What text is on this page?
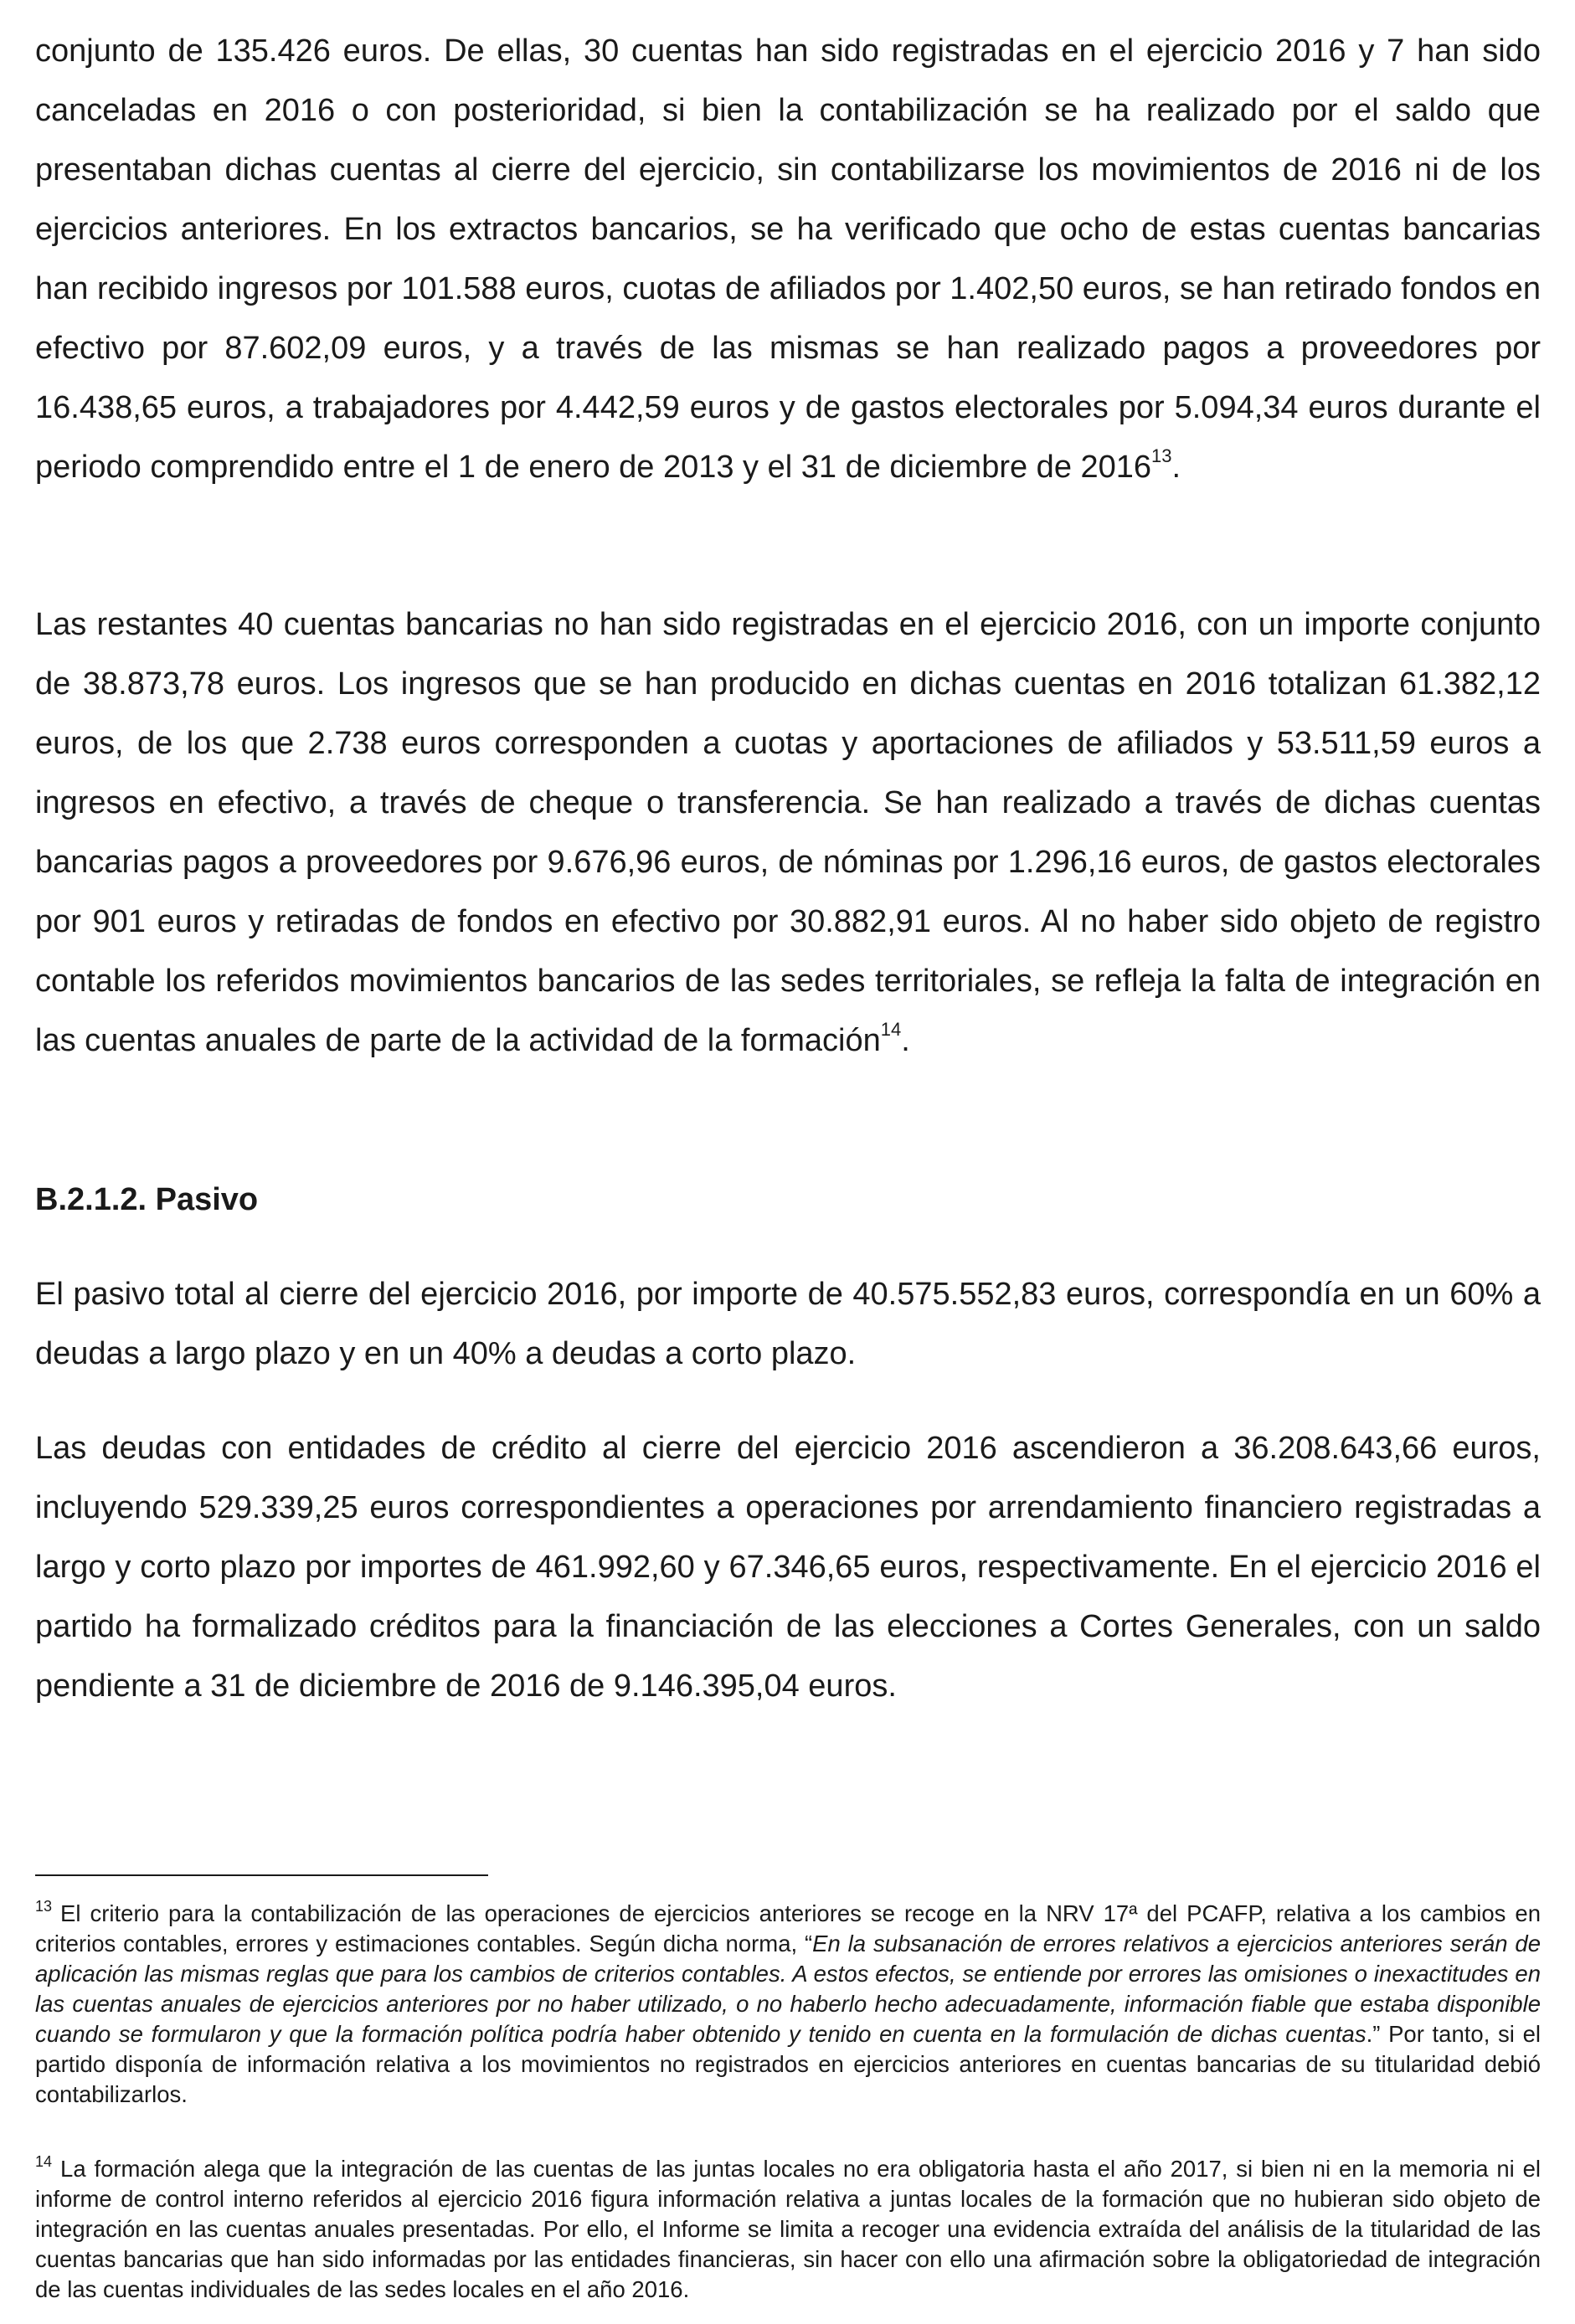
conjunto de 135.426 euros. De ellas, 30 cuentas han sido registradas en el ejercicio 2016 y 7 han sido canceladas en 2016 o con posterioridad, si bien la contabilización se ha realizado por el saldo que presentaban dichas cuentas al cierre del ejercicio, sin contabilizarse los movimientos de 2016 ni de los ejercicios anteriores. En los extractos bancarios, se ha verificado que ocho de estas cuentas bancarias han recibido ingresos por 101.588 euros, cuotas de afiliados por 1.402,50 euros, se han retirado fondos en efectivo por 87.602,09 euros, y a través de las mismas se han realizado pagos a proveedores por 16.438,65 euros, a trabajadores por 4.442,59 euros y de gastos electorales por 5.094,34 euros durante el periodo comprendido entre el 1 de enero de 2013 y el 31 de diciembre de 2016$^{13}$.

Las restantes 40 cuentas bancarias no han sido registradas en el ejercicio 2016, con un importe conjunto de 38.873,78 euros. Los ingresos que se han producido en dichas cuentas en 2016 totalizan 61.382,12 euros, de los que 2.738 euros corresponden a cuotas y aportaciones de afiliados y 53.511,59 euros a ingresos en efectivo, a través de cheque o transferencia. Se han realizado a través de dichas cuentas bancarias pagos a proveedores por 9.676,96 euros, de nóminas por 1.296,16 euros, de gastos electorales por 901 euros y retiradas de fondos en efectivo por 30.882,91 euros. Al no haber sido objeto de registro contable los referidos movimientos bancarios de las sedes territoriales, se refleja la falta de integración en las cuentas anuales de parte de la actividad de la formación$^{14}$.

B.2.1.2. Pasivo

El pasivo total al cierre del ejercicio 2016, por importe de 40.575.552,83 euros, correspondía en un 60% a deudas a largo plazo y en un 40% a deudas a corto plazo.

Las deudas con entidades de crédito al cierre del ejercicio 2016 ascendieron a 36.208.643,66 euros, incluyendo 529.339,25 euros correspondientes a operaciones por arrendamiento financiero registradas a largo y corto plazo por importes de 461.992,60 y 67.346,65 euros, respectivamente. En el ejercicio 2016 el partido ha formalizado créditos para la financiación de las elecciones a Cortes Generales, con un saldo pendiente a 31 de diciembre de 2016 de 9.146.395,04 euros.

$^{13}$ El criterio para la contabilización de las operaciones de ejercicios anteriores se recoge en la NRV 17ª del PCAFP, relativa a los cambios en criterios contables, errores y estimaciones contables. Según dicha norma, “En la subsanación de errores relativos a ejercicios anteriores serán de aplicación las mismas reglas que para los cambios de criterios contables. A estos efectos, se entiende por errores las omisiones o inexactitudes en las cuentas anuales de ejercicios anteriores por no haber utilizado, o no haberlo hecho adecuadamente, información fiable que estaba disponible cuando se formularon y que la formación política podría haber obtenido y tenido en cuenta en la formulación de dichas cuentas.” Por tanto, si el partido disponía de información relativa a los movimientos no registrados en ejercicios anteriores en cuentas bancarias de su titularidad debió contabilizarlos.

$^{14}$ La formación alega que la integración de las cuentas de las juntas locales no era obligatoria hasta el año 2017, si bien ni en la memoria ni el informe de control interno referidos al ejercicio 2016 figura información relativa a juntas locales de la formación que no hubieran sido objeto de integración en las cuentas anuales presentadas. Por ello, el Informe se limita a recoger una evidencia extraída del análisis de la titularidad de las cuentas bancarias que han sido informadas por las entidades financieras, sin hacer con ello una afirmación sobre la obligatoriedad de integración de las cuentas individuales de las sedes locales en el año 2016.
